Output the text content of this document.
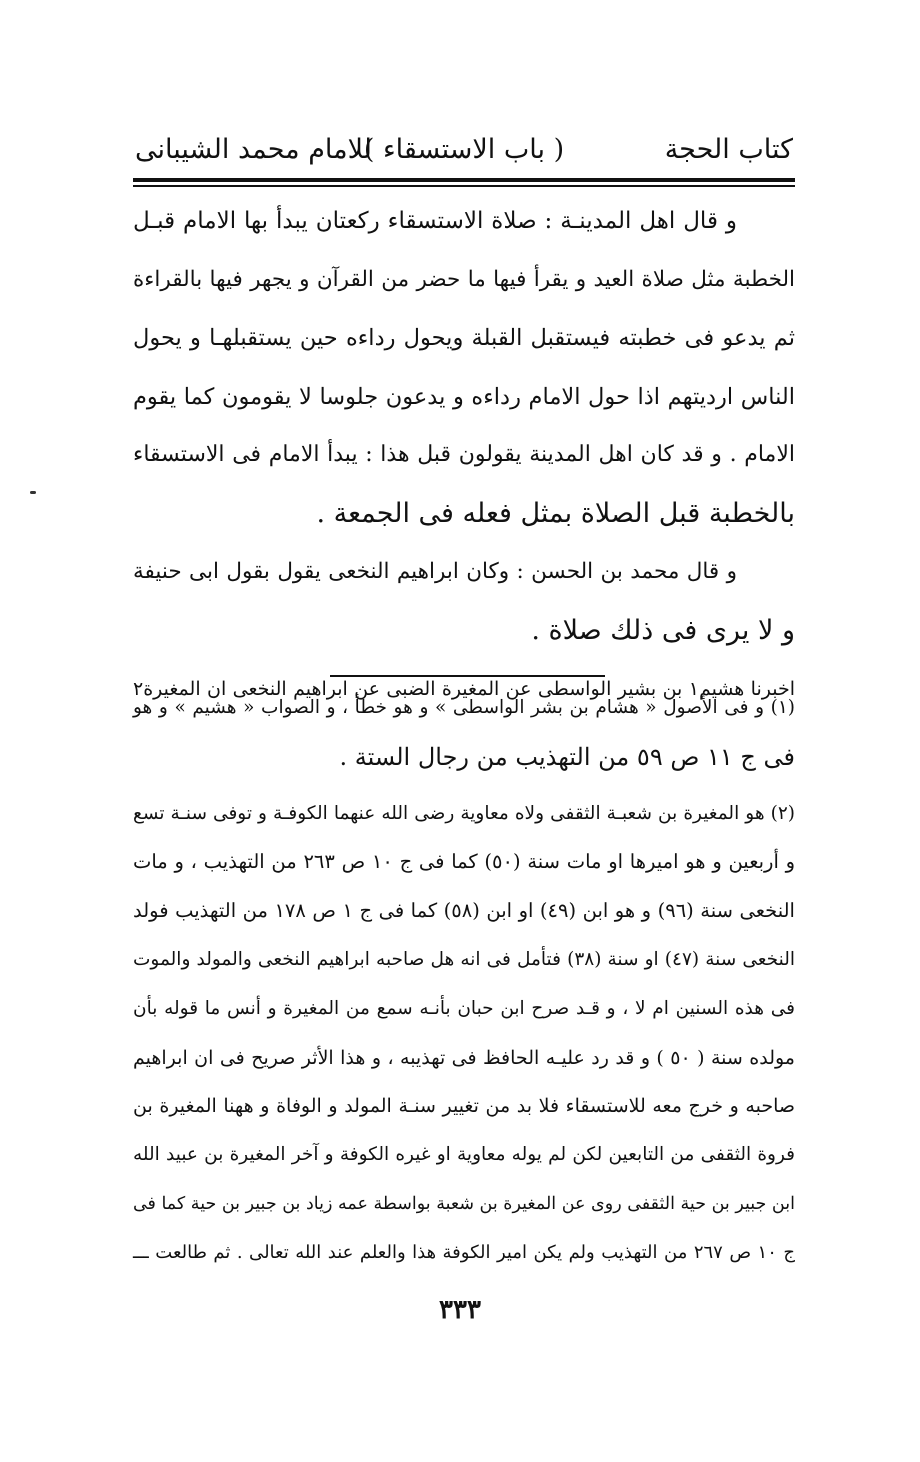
كتاب الحجة
( باب الاستسقاء )
للامام محمد الشيبانى
و قال اهل المدينـة : صلاة الاستسقاء ركعتان يبدأ بها الامام قبـل
الخطبة مثل صلاة العيد و يقرأ فيها ما حضر من القرآن و يجهر فيها بالقراءة
ثم يدعو فى خطبته فيستقبل القبلة ويحول رداءه حين يستقبلهـا و يحول
الناس ارديتهم اذا حول الامام رداءه و يدعون جلوسا لا يقومون كما يقوم
الامام . و قد كان اهل المدينة يقولون قبل هذا : يبدأ الامام فى الاستسقاء
بالخطبة قبل الصلاة بمثل فعله فى الجمعة .
و قال محمد بن الحسن : وكان ابراهيم النخعى يقول بقول ابى حنيفة
و لا يرى فى ذلك صلاة .
اخبرنا هشيم١ بن بشير الواسطى عن المغيرة الضبى عن ابراهيم النخعى ان المغيرة٢
(١) و فى الأصول « هشام بن بشر الواسطى » و هو خطأ ، و الصواب « هشيم » و هو
فى ج ١١ ص ٥٩ من التهذيب من رجال الستة .
(٢) هو المغيرة بن شعبـة الثقفى ولاه معاوية رضى الله عنهما الكوفـة و توفى سنـة تسع
و أربعين و هو اميرها او مات سنة (٥٠) كما فى ج ١٠ ص ٢٦٣ من التهذيب ، و مات
النخعى سنة (٩٦) و هو ابن (٤٩) او ابن (٥٨) كما فى ج ١ ص ١٧٨ من التهذيب فولد
النخعى سنة (٤٧) او سنة (٣٨) فتأمل فى انه هل صاحبه ابراهيم النخعى والمولد والموت
فى هذه السنين ام لا ، و قـد صرح ابن حبان بأنـه سمع من المغيرة و أنس ما قوله بأن
مولده سنة ( ٥٠ ) و قد رد عليـه الحافظ فى تهذيبه ، و هذا الأثر صريح فى ان ابراهيم
صاحبه و خرج معه للاستسقاء فلا بد من تغيير سنـة المولد و الوفاة و ههنا المغيرة بن
فروة الثقفى من التابعين لكن لم يوله معاوية او غيره الكوفة و آخر المغيرة بن عبيد الله
ابن جبير بن حية الثقفى روى عن المغيرة بن شعبة بواسطة عمه زياد بن جبير بن حية كما فى
ج ١٠ ص ٢٦٧ من التهذيب ولم يكن امير الكوفة هذا والعلم عند الله تعالى . ثم طالعت ـــ
٣٣٣
